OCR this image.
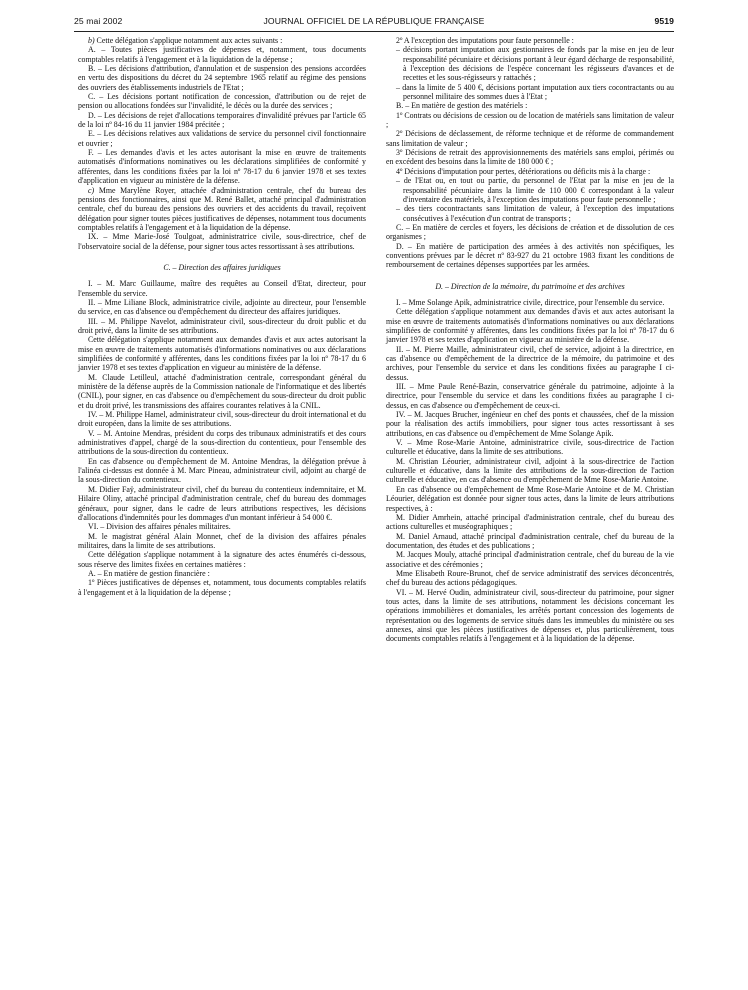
25 mai 2002	JOURNAL OFFICIEL DE LA RÉPUBLIQUE FRANÇAISE	9519

b) Cette délégation s'applique notamment aux actes suivants :

A. – Toutes pièces justificatives de dépenses et, notamment, tous documents comptables relatifs à l'engagement et à la liquidation de la dépense ;

B. – Les décisions d'attribution, d'annulation et de suspension des pensions accordées en vertu des dispositions du décret du 24 septembre 1965 relatif au régime des pensions des ouvriers des établissements industriels de l'Etat ;

C. – Les décisions portant notification de concession, d'attribution ou de rejet de pension ou allocations fondées sur l'invalidité, le décès ou la durée des services ;

D. – Les décisions de rejet d'allocations temporaires d'invalidité prévues par l'article 65 de la loi nº 84-16 du 11 janvier 1984 précitée ;

E. – Les décisions relatives aux validations de service du personnel civil fonctionnaire et ouvrier ;

F. – Les demandes d'avis et les actes autorisant la mise en œuvre de traitements automatisés d'informations nominatives ou les déclarations simplifiées de conformité y afférentes, dans les conditions fixées par la loi nº 78-17 du 6 janvier 1978 et ses textes d'application en vigueur au ministère de la défense.

c) Mme Marylène Royer, attachée d'administration centrale, chef du bureau des pensions des fonctionnaires, ainsi que M. René Ballet, attaché principal d'administration centrale, chef du bureau des pensions des ouvriers et des accidents du travail, reçoivent délégation pour signer toutes pièces justificatives de dépenses, notamment tous documents comptables relatifs à l'engagement et à la liquidation de la dépense.

IX. – Mme Marie-José Toulgoat, administratrice civile, sous-directrice, chef de l'observatoire social de la défense, pour signer tous actes ressortissant à ses attributions.

C. – Direction des affaires juridiques

I. – M. Marc Guillaume, maître des requêtes au Conseil d'Etat, directeur, pour l'ensemble du service.

II. – Mme Liliane Block, administratrice civile, adjointe au directeur, pour l'ensemble du service, en cas d'absence ou d'empêchement du directeur des affaires juridiques.

III. – M. Philippe Navelot, administrateur civil, sous-directeur du droit public et du droit privé, dans la limite de ses attributions.

Cette délégation s'applique notamment aux demandes d'avis et aux actes autorisant la mise en œuvre de traitements automatisés d'informations nominatives ou aux déclarations simplifiées de conformité y afférentes, dans les conditions fixées par la loi nº 78-17 du 6 janvier 1978 et ses textes d'application en vigueur au ministère de la défense.

M. Claude Letilleul, attaché d'administration centrale, correspondant général du ministère de la défense auprès de la Commission nationale de l'informatique et des libertés (CNIL), pour signer, en cas d'absence ou d'empêchement du sous-directeur du droit public et du droit privé, les transmissions des affaires courantes relatives à la CNIL.

IV. – M. Philippe Hamel, administrateur civil, sous-directeur du droit international et du droit européen, dans la limite de ses attributions.

V. – M. Antoine Mendras, président du corps des tribunaux administratifs et des cours administratives d'appel, chargé de la sous-direction du contentieux, pour l'ensemble des attributions de la sous-direction du contentieux.

En cas d'absence ou d'empêchement de M. Antoine Mendras, la délégation prévue à l'alinéa ci-dessus est donnée à M. Marc Pineau, administrateur civil, adjoint au chargé de la sous-direction du contentieux.

M. Didier Faÿ, administrateur civil, chef du bureau du contentieux indemnitaire, et M. Hilaire Oliny, attaché principal d'administration centrale, chef du bureau des dommages généraux, pour signer, dans le cadre de leurs attributions respectives, les décisions d'allocations d'indemnités pour les dommages d'un montant inférieur à 54 000 €.

VI. – Division des affaires pénales militaires.

M. le magistrat général Alain Monnet, chef de la division des affaires pénales militaires, dans la limite de ses attributions.

Cette délégation s'applique notamment à la signature des actes énumérés ci-dessous, sous réserve des limites fixées en certaines matières :

A. – En matière de gestion financière :

1º Pièces justificatives de dépenses et, notamment, tous documents comptables relatifs à l'engagement et à la liquidation de la dépense ;

2º A l'exception des imputations pour faute personnelle :

– décisions portant imputation aux gestionnaires de fonds par la mise en jeu de leur responsabilité pécuniaire et décisions portant à leur égard décharge de responsabilité, à l'exception des décisions de l'espèce concernant les régisseurs d'avances et de recettes et les sous-régisseurs y rattachés ;

– dans la limite de 5 400 €, décisions portant imputation aux tiers cocontractants ou au personnel militaire des sommes dues à l'Etat ;

B. – En matière de gestion des matériels :

1º Contrats ou décisions de cession ou de location de matériels sans limitation de valeur ;

2º Décisions de déclassement, de réforme technique et de réforme de commandement sans limitation de valeur ;

3º Décisions de retrait des approvisionnements des matériels sans emploi, périmés ou en excédent des besoins dans la limite de 180 000 € ;

4º Décisions d'imputation pour pertes, détériorations ou déficits mis à la charge :

– de l'Etat ou, en tout ou partie, du personnel de l'Etat par la mise en jeu de la responsabilité pécuniaire dans la limite de 110 000 € correspondant à la valeur d'inventaire des matériels, à l'exception des imputations pour faute personnelle ;

– des tiers cocontractants sans limitation de valeur, à l'exception des imputations consécutives à l'exécution d'un contrat de transports ;

C. – En matière de cercles et foyers, les décisions de création et de dissolution de ces organismes ;

D. – En matière de participation des armées à des activités non spécifiques, les conventions prévues par le décret nº 83-927 du 21 octobre 1983 fixant les conditions de remboursement de certaines dépenses supportées par les armées.

D. – Direction de la mémoire, du patrimoine et des archives

I. – Mme Solange Apik, administratrice civile, directrice, pour l'ensemble du service.

Cette délégation s'applique notamment aux demandes d'avis et aux actes autorisant la mise en œuvre de traitements automatisés d'informations nominatives ou aux déclarations simplifiées de conformité y afférentes, dans les conditions fixées par la loi nº 78-17 du 6 janvier 1978 et ses textes d'application en vigueur au ministère de la défense.

II. – M. Pierre Maille, administrateur civil, chef de service, adjoint à la directrice, en cas d'absence ou d'empêchement de la directrice de la mémoire, du patrimoine et des archives, pour l'ensemble du service et dans les conditions fixées au paragraphe I ci-dessus.

III. – Mme Paule René-Bazin, conservatrice générale du patrimoine, adjointe à la directrice, pour l'ensemble du service et dans les conditions fixées au paragraphe I ci-dessus, en cas d'absence ou d'empêchement de ceux-ci.

IV. – M. Jacques Brucher, ingénieur en chef des ponts et chaussées, chef de la mission pour la réalisation des actifs immobiliers, pour signer tous actes ressortissant à ses attributions, en cas d'absence ou d'empêchement de Mme Solange Apik.

V. – Mme Rose-Marie Antoine, administratrice civile, sous-directrice de l'action culturelle et éducative, dans la limite de ses attributions.

M. Christian Léourier, administrateur civil, adjoint à la sous-directrice de l'action culturelle et éducative, dans la limite des attributions de la sous-direction de l'action culturelle et éducative, en cas d'absence ou d'empêchement de Mme Rose-Marie Antoine.

En cas d'absence ou d'empêchement de Mme Rose-Marie Antoine et de M. Christian Léourier, délégation est donnée pour signer tous actes, dans la limite de leurs attributions respectives, à :

M. Didier Amrhein, attaché principal d'administration centrale, chef du bureau des actions culturelles et muséographiques ;

M. Daniel Arnaud, attaché principal d'administration centrale, chef du bureau de la documentation, des études et des publications ;

M. Jacques Mouly, attaché principal d'administration centrale, chef du bureau de la vie associative et des cérémonies ;

Mme Elisabeth Roure-Brunot, chef de service administratif des services déconcentrés, chef du bureau des actions pédagogiques.

VI. – M. Hervé Oudin, administrateur civil, sous-directeur du patrimoine, pour signer tous actes, dans la limite de ses attributions, notamment les décisions concernant les opérations immobilières et domaniales, les arrêtés portant concession des logements de représentation ou des logements de service situés dans les immeubles du ministère ou ses annexes, ainsi que les pièces justificatives de dépenses et, plus particulièrement, tous documents comptables relatifs à l'engagement et à la liquidation de la dépense.
